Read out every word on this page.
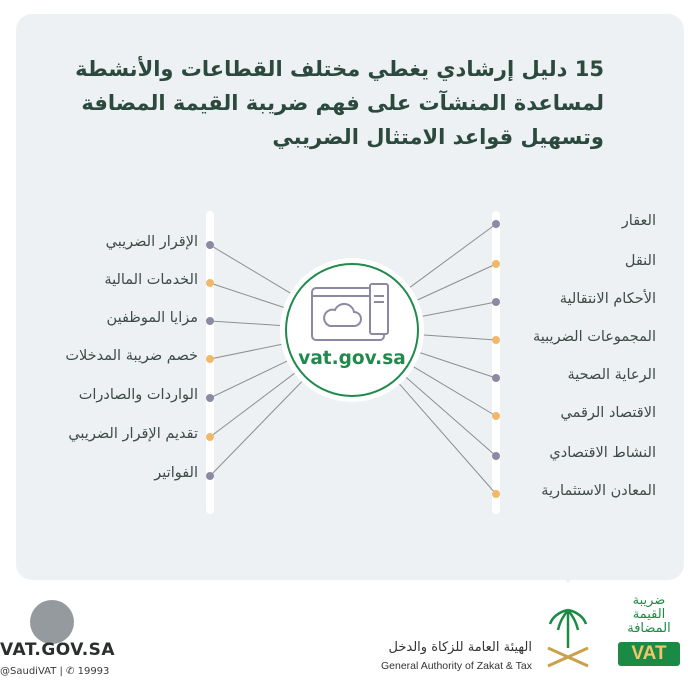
15 دليل إرشادي يغطي مختلف القطاعات والأنشطة
لمساعدة المنشآت على فهم ضريبة القيمة المضافة
وتسهيل قواعد الامتثال الضريبي
vat.gov.sa
الإقرار الضريبي
الخدمات المالية
مزايا الموظفين
خصم ضريبة المدخلات
الواردات والصادرات
تقديم الإقرار الضريبي
الفواتير
العقار
النقل
الأحكام الانتقالية
المجموعات الضريبية
الرعاية الصحية
الاقتصاد الرقمي
النشاط الاقتصادي
المعادن الاستثمارية
VAT.GOV.SA
@SaudiVAT | ✆ 19993
الهيئة العامة للزكاة والدخل
General Authority of Zakat & Tax
ضريبة
القيمة
المضافة
VAT
